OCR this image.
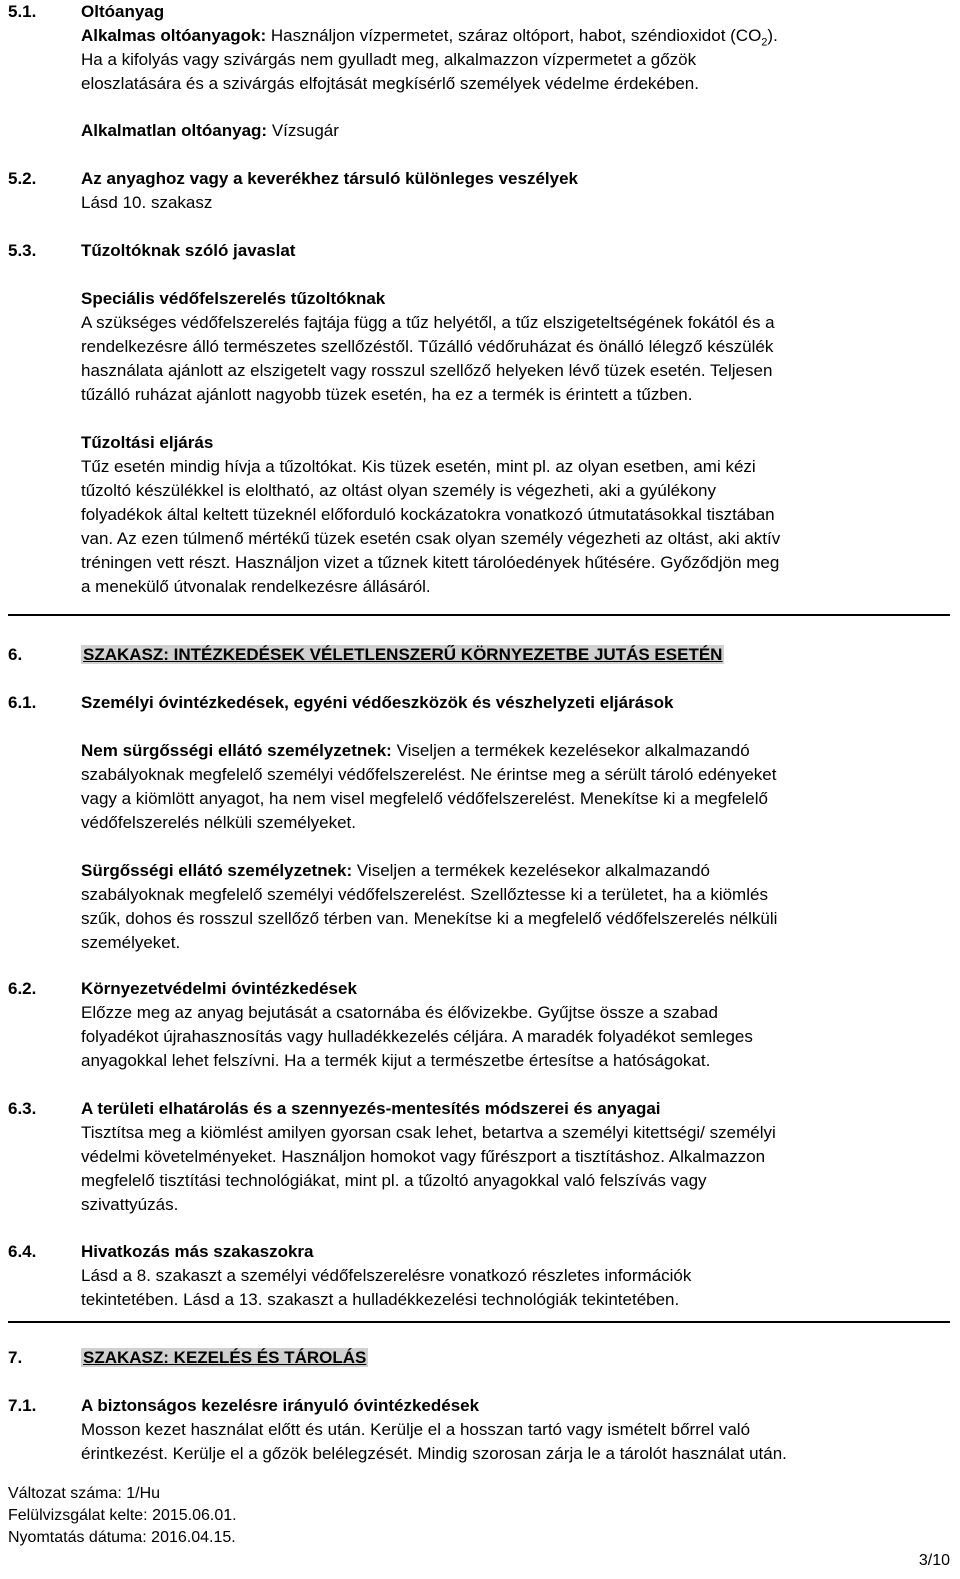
5.1.	Oltóanyag

Alkalmas oltóanyagok: Használjon vízpermetet, száraz oltóport, habot, széndioxidot $(CO_2)$.

Ha a kifolyás vagy szivárgás nem gyulladt meg, alkalmazzon vízpermetet a gőzök

eloszlatására és a szivárgás elfojtását megkísérlő személyek védelme érdekében.

Alkalmatlan oltóanyag: Vízsugár

5.2.	Az anyaghoz vagy a keverékhez társuló különleges veszélyek

Lásd 10. szakasz

5.3.	Tűzoltóknak szóló javaslat

Speciális védőfelszerelés tűzoltóknak

A szükséges védőfelszerelés fajtája függ a tűz helyétől, a tűz elszigeteltségének fokától és a

rendelkezésre álló természetes szellőzéstől. Tűzálló védőruházat és önálló lélegző készülék

használata ajánlott az elszigetelt vagy rosszul szellőző helyeken lévő tüzek esetén. Teljesen

tűzálló ruházat ajánlott nagyobb tüzek esetén, ha ez a termék is érintett a tűzben.

Tűzoltási eljárás

Tűz esetén mindig hívja a tűzoltókat. Kis tüzek esetén, mint pl. az olyan esetben, ami kézi

tűzoltó készülékkel is eloltható, az oltást olyan személy is végezheti, aki a gyúlékony

folyadékok által keltett tüzeknél előforduló kockázatokra vonatkozó útmutatásokkal tisztában

van. Az ezen túlmenő mértékű tüzek esetén csak olyan személy végezheti az oltást, aki aktív

tréningen vett részt. Használjon vizet a tűznek kitett tárolóedények hűtésére. Győződjön meg

a menekülő útvonalak rendelkezésre állásáról.

6.	SZAKASZ: INTÉZKEDÉSEK VÉLETLENSZERŰ KÖRNYEZETBE JUTÁS ESETÉN
6.1.	Személyi óvintézkedések, egyéni védőeszközök és vészhelyzeti eljárások

Nem sürgősségi ellátó személyzetnek: Viseljen a termékek kezelésekor alkalmazandó

szabályoknak megfelelő személyi védőfelszerelést. Ne érintse meg a sérült tároló edényeket

vagy a kiömlött anyagot, ha nem visel megfelelő védőfelszerelést. Menekítse ki a megfelelő

védőfelszerelés nélküli személyeket.

Sürgősségi ellátó személyzetnek: Viseljen a termékek kezelésekor alkalmazandó

szabályoknak megfelelő személyi védőfelszerelést. Szellőztesse ki a területet, ha a kiömlés

szűk, dohos és rosszul szellőző térben van. Menekítse ki a megfelelő védőfelszerelés nélküli

személyeket.

6.2.	Környezetvédelmi óvintézkedések

Előzze meg az anyag bejutását a csatornába és élővizekbe. Gyűjtse össze a szabad

folyadékot újrahasznosítás vagy hulladékkezelés céljára. A maradék folyadékot semleges

anyagokkal lehet felszívni. Ha a termék kijut a természetbe értesítse a hatóságokat.

6.3.	A területi elhatárolás és a szennyezés-mentesítés módszerei és anyagai

Tisztítsa meg a kiömlést amilyen gyorsan csak lehet, betartva a személyi kitettségi/ személyi

védelmi követelményeket. Használjon homokot vagy fűrészport a tisztításhoz. Alkalmazzon

megfelelő tisztítási technológiákat, mint pl. a tűzoltó anyagokkal való felszívás vagy

szivattyúzás.

6.4.	Hivatkozás más szakaszokra

Lásd a 8. szakaszt a személyi védőfelszerelésre vonatkozó részletes információk

tekintetében. Lásd a 13. szakaszt a hulladékkezelési technológiák tekintetében.

7.	SZAKASZ: KEZELÉS ÉS TÁROLÁS
7.1.	A biztonságos kezelésre irányuló óvintézkedések

Mosson kezet használat előtt és után. Kerülje el a hosszan tartó vagy ismételt bőrrel való

érintkezést. Kerülje el a gőzök belélegzését. Mindig szorosan zárja le a tárolót használat után.

Változat száma: 1/Hu

Felülvizsgálat kelte: 2015.06.01.

Nyomtatás dátuma: 2016.04.15.

3/10
